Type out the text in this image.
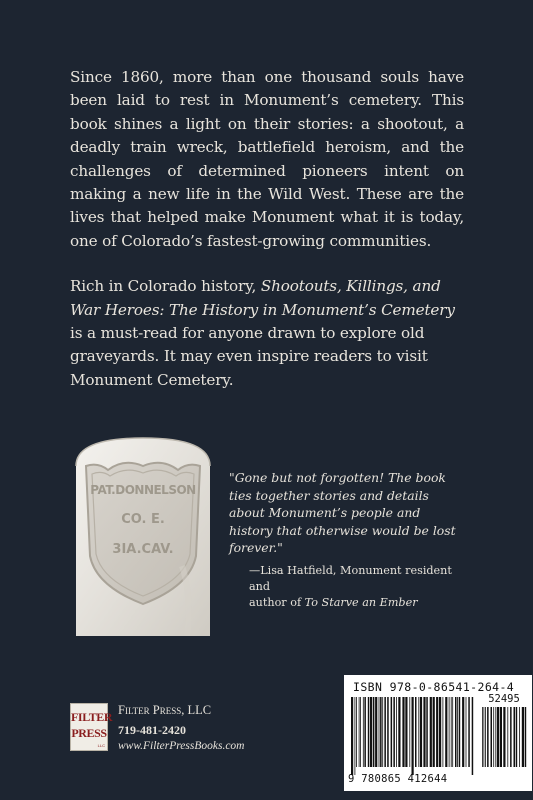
Since 1860, more than one thousand souls have been laid to rest in Monument’s cemetery. This book shines a light on their stories: a shootout, a deadly train wreck, battlefield heroism, and the challenges of determined pioneers intent on making a new life in the Wild West. These are the lives that helped make Monument what it is today, one of Colorado’s fastest-growing communities.

Rich in Colorado history, Shootouts, Killings, and War Heroes: The History in Monument’s Cemetery is a must-read for anyone drawn to explore old graveyards. It may even inspire readers to visit Monument Cemetery.

PAT.DONNELSON
CO. E.
3IA.CAV.

"Gone but not forgotten! The book ties together stories and details about Monument’s people and history that otherwise would be lost forever."

—Lisa Hatfield, Monument resident and
author of To Starve an Ember

FILTER
PRESS
LLC
Filter Press, LLC
719-481-2420
www.FilterPressBooks.com
ISBN 978-0-86541-264-4
52495
9 780865 412644
